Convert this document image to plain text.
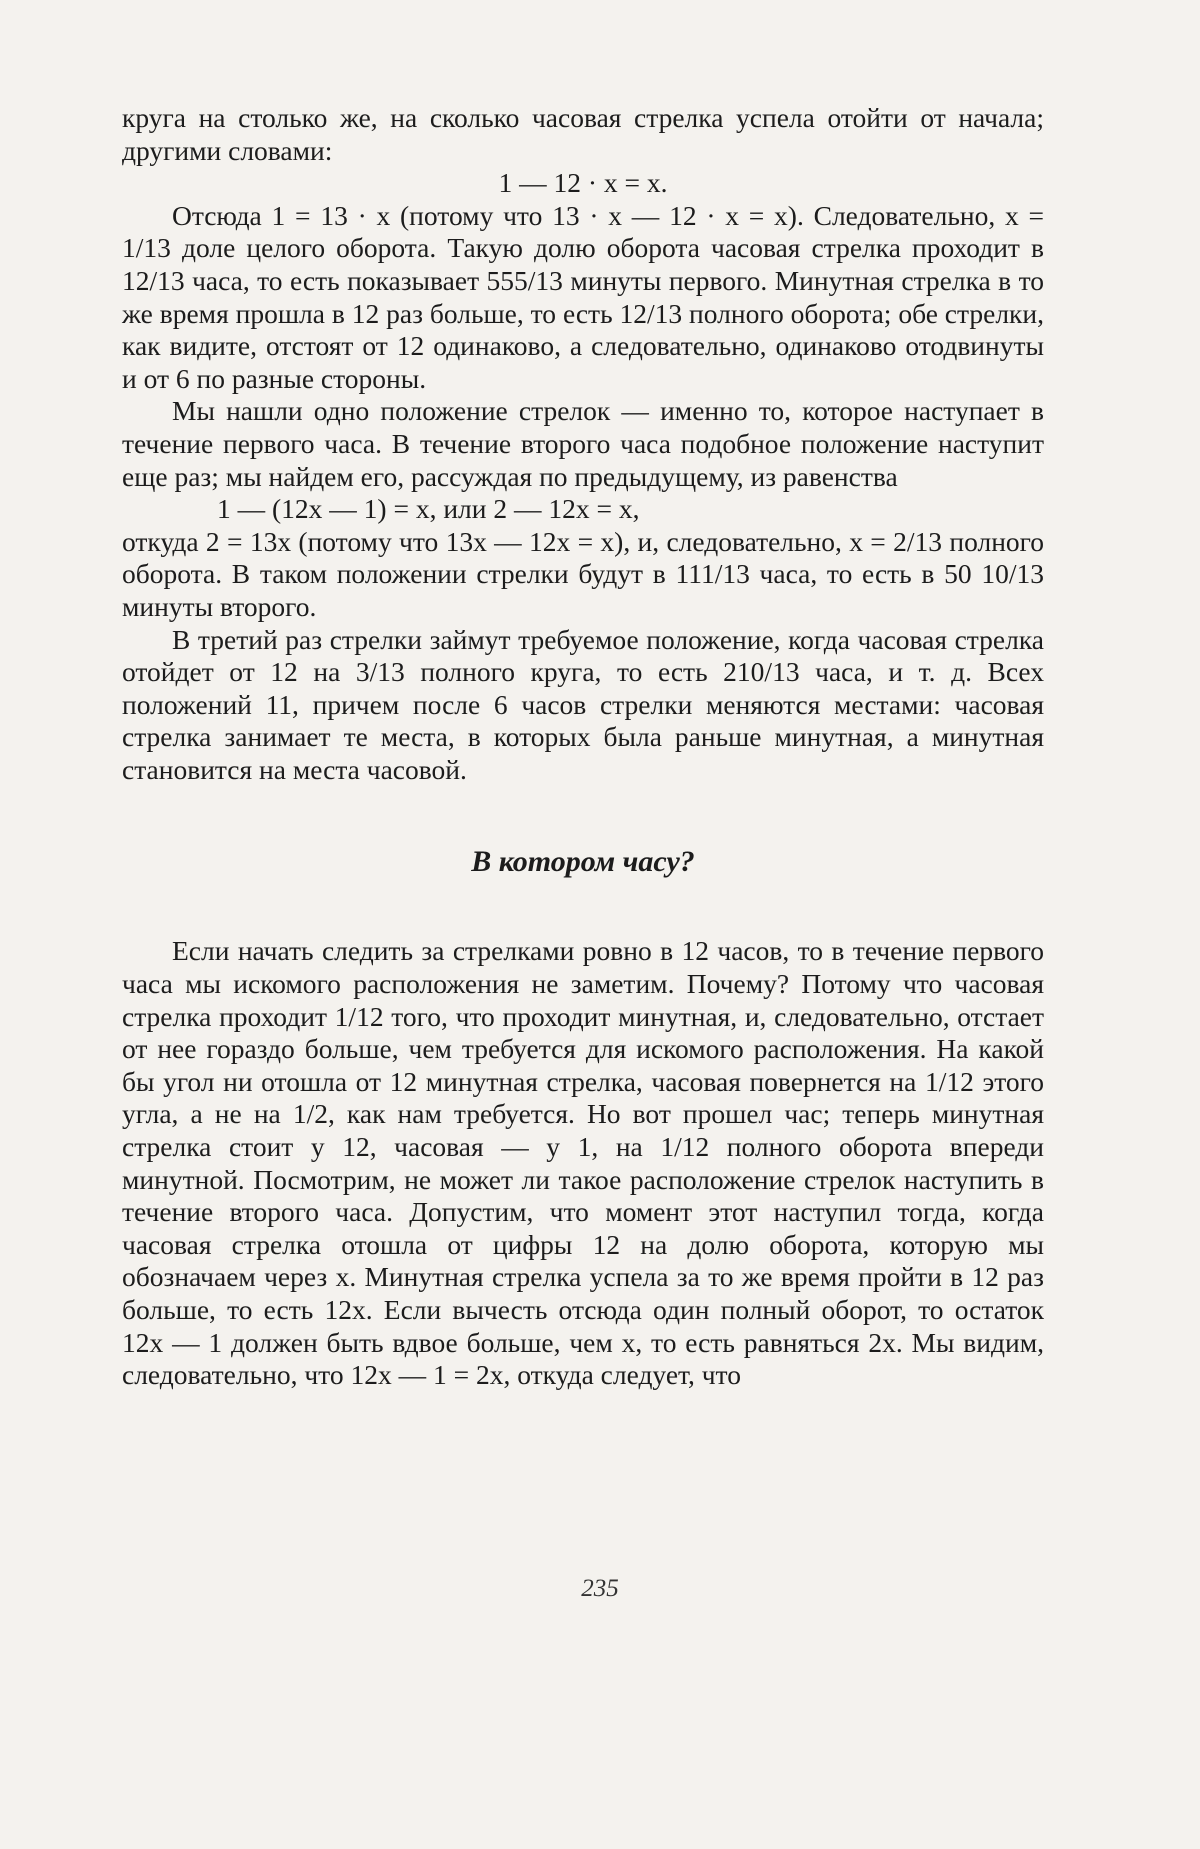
круга на столько же, на сколько часовая стрелка успела отойти от начала; другими словами:

1 — 12 · x = x.

Отсюда 1 = 13 · x (потому что 13 · x — 12 · x = x). Следовательно, x = 1/13 доле целого оборота. Такую долю оборота часовая стрелка проходит в 12/13 часа, то есть показывает 555/13 минуты первого. Минутная стрелка в то же время прошла в 12 раз больше, то есть 12/13 полного оборота; обе стрелки, как видите, отстоят от 12 одинаково, а следовательно, одинаково отодвинуты и от 6 по разные стороны.

Мы нашли одно положение стрелок — именно то, которое наступает в течение первого часа. В течение второго часа подобное положение наступит еще раз; мы найдем его, рассуждая по предыдущему, из равенства

1 — (12x — 1) = x, или 2 — 12x = x,

откуда 2 = 13x (потому что 13x — 12x = x), и, следовательно, x = 2/13 полного оборота. В таком положении стрелки будут в 111/13 часа, то есть в 50 10/13 минуты второго.

В третий раз стрелки займут требуемое положение, когда часовая стрелка отойдет от 12 на 3/13 полного круга, то есть 210/13 часа, и т. д. Всех положений 11, причем после 6 часов стрелки меняются местами: часовая стрелка занимает те места, в которых была раньше минутная, а минутная становится на места часовой.

В котором часу?

Если начать следить за стрелками ровно в 12 часов, то в течение первого часа мы искомого расположения не заметим. Почему? Потому что часовая стрелка проходит 1/12 того, что проходит минутная, и, следовательно, отстает от нее гораздо больше, чем требуется для искомого расположения. На какой бы угол ни отошла от 12 минутная стрелка, часовая повернется на 1/12 этого угла, а не на 1/2, как нам требуется. Но вот прошел час; теперь минутная стрелка стоит у 12, часовая — у 1, на 1/12 полного оборота впереди минутной. Посмотрим, не может ли такое расположение стрелок наступить в течение второго часа. Допустим, что момент этот наступил тогда, когда часовая стрелка отошла от цифры 12 на долю оборота, которую мы обозначаем через x. Минутная стрелка успела за то же время пройти в 12 раз больше, то есть 12x. Если вычесть отсюда один полный оборот, то остаток 12x — 1 должен быть вдвое больше, чем x, то есть равняться 2x. Мы видим, следовательно, что 12x — 1 = 2x, откуда следует, что

235
